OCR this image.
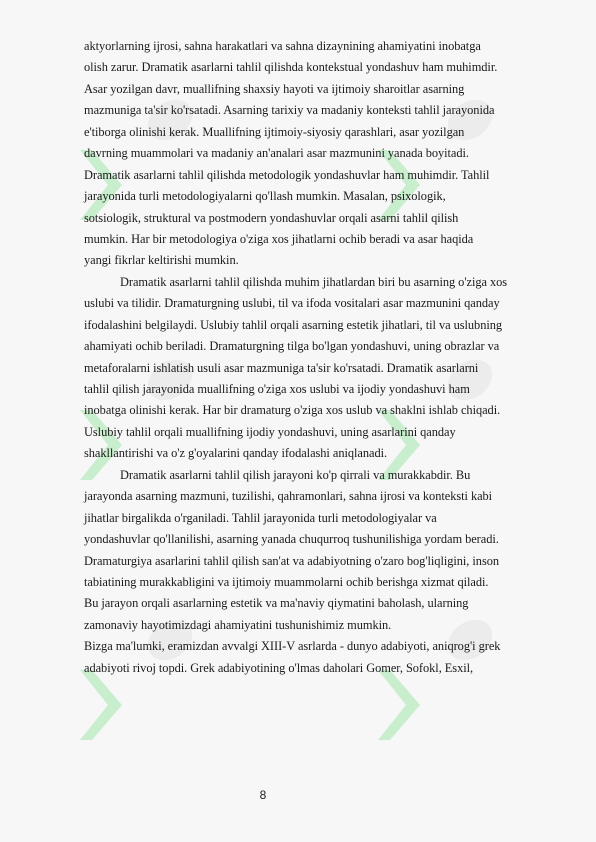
aktyorlarning ijrosi, sahna harakatlari va sahna dizaynining ahamiyatini inobatga
olish zarur. Dramatik asarlarni tahlil qilishda kontekstual yondashuv ham muhimdir.
Asar yozilgan davr, muallifning shaxsiy hayoti va ijtimoiy sharoitlar asarning
mazmuniga ta'sir ko'rsatadi. Asarning tarixiy va madaniy konteksti tahlil jarayonida
e'tiborga olinishi kerak. Muallifning ijtimoiy-siyosiy qarashlari, asar yozilgan
davrning muammolari va madaniy an'analari asar mazmunini yanada boyitadi.
Dramatik asarlarni tahlil qilishda metodologik yondashuvlar ham muhimdir. Tahlil
jarayonida turli metodologiyalarni qo'llash mumkin. Masalan, psixologik,
sotsiologik, struktural va postmodern yondashuvlar orqali asarni tahlil qilish
mumkin. Har bir metodologiya o'ziga xos jihatlarni ochib beradi va asar haqida
yangi fikrlar keltirishi mumkin.
Dramatik asarlarni tahlil qilishda muhim jihatlardan biri bu asarning o'ziga xos
uslubi va tilidir. Dramaturgning uslubi, til va ifoda vositalari asar mazmunini qanday
ifodalashini belgilaydi. Uslubiy tahlil orqali asarning estetik jihatlari, til va uslubning
ahamiyati ochib beriladi. Dramaturgning tilga bo'lgan yondashuvi, uning obrazlar va
metaforalarni ishlatish usuli asar mazmuniga ta'sir ko'rsatadi. Dramatik asarlarni
tahlil qilish jarayonida muallifning o'ziga xos uslubi va ijodiy yondashuvi ham
inobatga olinishi kerak. Har bir dramaturg o'ziga xos uslub va shaklni ishlab chiqadi.
Uslubiy tahlil orqali muallifning ijodiy yondashuvi, uning asarlarini qanday
shakllantirishi va o'z g'oyalarini qanday ifodalashi aniqlanadi.
Dramatik asarlarni tahlil qilish jarayoni ko'p qirrali va murakkabdir. Bu
jarayonda asarning mazmuni, tuzilishi, qahramonlari, sahna ijrosi va konteksti kabi
jihatlar birgalikda o'rganiladi. Tahlil jarayonida turli metodologiyalar va
yondashuvlar qo'llanilishi, asarning yanada chuqurroq tushunilishiga yordam beradi.
Dramaturgiya asarlarini tahlil qilish san'at va adabiyotning o'zaro bog'liqligini, inson
tabiatining murakkabligini va ijtimoiy muammolarni ochib berishga xizmat qiladi.
Bu jarayon orqali asarlarning estetik va ma'naviy qiymatini baholash, ularning
zamonaviy hayotimizdagi ahamiyatini tushunishimiz mumkin.
Bizga ma'lumki, eramizdan avvalgi XIII-V asrlarda - dunyo adabiyoti, aniqrog'i grek
adabiyoti rivoj topdi. Grek adabiyotining o'lmas daholari Gomer, Sofokl, Esxil,
8
